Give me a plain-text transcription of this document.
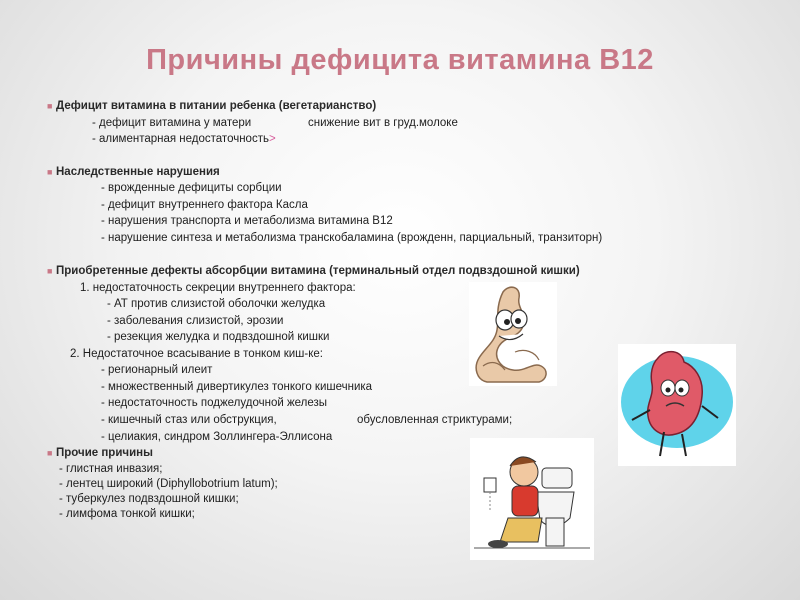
Причины дефицита витамина В12
■ Дефицит витамина в питании ребенка (вегетарианство)
- дефицит витамина у матери	снижение вит в груд.молоке
- алиментарная недостаточность>
■ Наследственные нарушения
- врожденные дефициты сорбции
- дефицит внутреннего фактора Касла
- нарушения транспорта и метаболизма витамина В12
- нарушение синтеза и метаболизма транскобаламина (врожденн, парциальный, транзиторн)
■ Приобретенные дефекты абсорбции витамина (терминальный отдел подвздошной кишки)
1. недостаточность секреции внутреннего фактора:
- АТ против слизистой оболочки желудка
- заболевания слизистой, эрозии
- резекция желудка и подвздошной кишки
2. Недостаточное всасывание в тонком киш-ке:
- регионарный илеит
- множественный дивертикулез тонкого кишечника
- недостаточность поджелудочной железы
- кишечный стаз или обструкция,	обусловленная стриктурами;
- целиакия, синдром Золлингера-Эллисона
■ Прочие причины
- глистная инвазия;
- лентец широкий (Diphyllobotrium latum);
- туберкулез подвздошной кишки;
- лимфома тонкой кишки;
